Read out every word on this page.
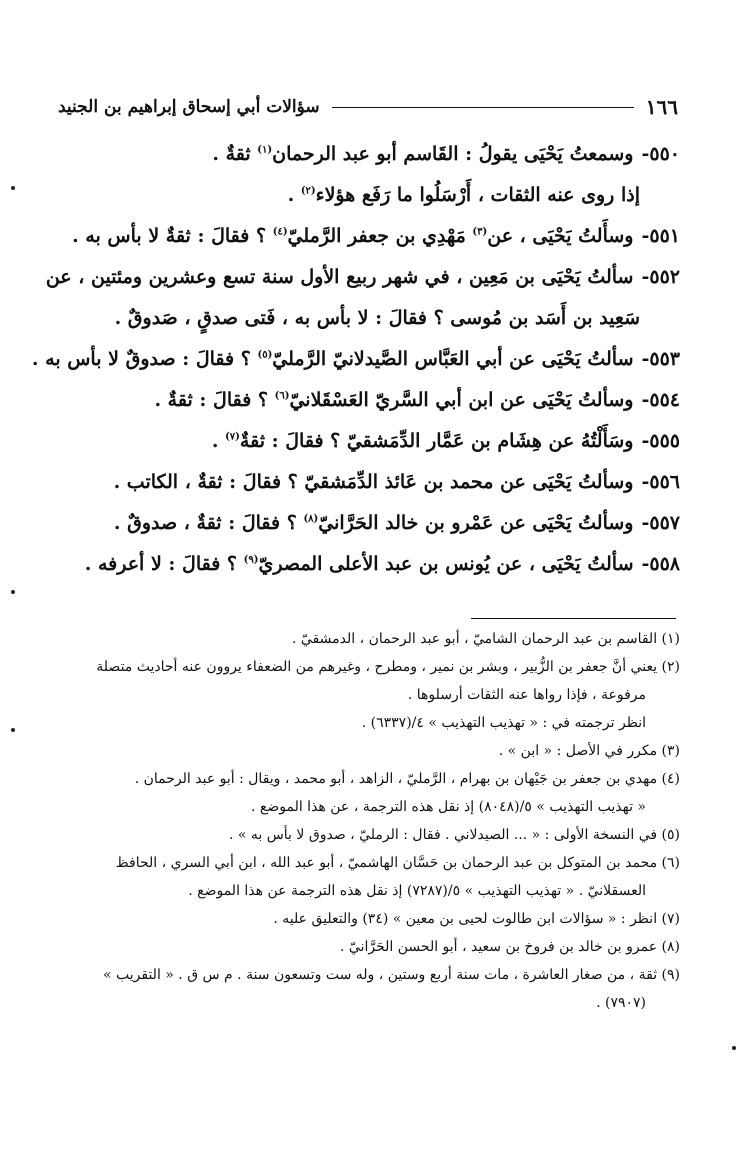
١٦٦
سؤالات أبي إسحاق إبراهيم بن الجنيد
٥٥٠-وسمعتُ يَحْيَى يقولُ : القَاسم أبو عبد الرحمان$^{(١)}$ ثقةٌ .
إذا روى عنه الثقات ، أَرْسَلُوا ما رَفَع هؤلاء$^{(٢)}$ .
٥٥١-وسأَلتُ يَحْيَى ، عن$^{(٣)}$ مَهْدِي بن جعفر الرَّمليّ$^{(٤)}$ ؟ فقالَ : ثقةٌ لا بأس به .
٥٥٢-سألتُ يَحْيَى بن مَعِين ، في شهر ربيع الأول سنة تسع وعشرين ومئتين ، عن
سَعِيد بن أَسَد بن مُوسى ؟ فقالَ : لا بأس به ، فَتى صدقٍ ، صَدوقٌ .
٥٥٣-سألتُ يَحْيَى عن أبي العَبَّاس الصَّيدلانيّ الرَّمليّ$^{(٥)}$ ؟ فقالَ : صدوقٌ لا بأس به .
٥٥٤-وسألتُ يَحْيَى عن ابن أبي السَّريّ العَسْقَلانيّ$^{(٦)}$ ؟ فقالَ : ثقةٌ .
٥٥٥-وسَأَلْتُهُ عن هِشَام بن عَمَّار الدِّمَشقيّ ؟ فقالَ : ثقةٌ$^{(٧)}$ .
٥٥٦-وسألتُ يَحْيَى عن محمد بن عَائذ الدِّمَشقيّ ؟ فقالَ : ثقةٌ ، الكاتب .
٥٥٧-وسألتُ يَحْيَى عن عَمْرو بن خالد الحَرَّانيّ$^{(٨)}$ ؟ فقالَ : ثقةٌ ، صدوقٌ .
٥٥٨-سألتُ يَحْيَى ، عن يُونس بن عبد الأعلى المصريّ$^{(٩)}$ ؟ فقالَ : لا أعرفه .
(١) القاسم بن عبد الرحمان الشاميّ ، أبو عبد الرحمان ، الدمشقيّ .
(٢) يعني أنَّ جعفر بن الزُّبير ، وبشر بن نمير ، ومطرح ، وغيرهم من الضعفاء يروون عنه أحاديث متصلة
مرفوعة ، فإذا رواها عنه الثقات أرسلوها .
انظر ترجمته في : « تهذيب التهذيب » ٤/(٦٣٣٧) .
(٣) مكرر في الأصل : « ابن » .
(٤) مهدي بن جعفر بن جَيْهان بن بهرام ، الرَّمليّ ، الزاهد ، أبو محمد ، ويقال : أبو عبد الرحمان .
« تهذيب التهذيب » ٥/(٨٠٤٨) إذ نقل هذه الترجمة ، عن هذا الموضع .
(٥) في النسخة الأولى : « ... الصيدلاني . فقال : الرمليّ ، صدوق لا بأس به » .
(٦) محمد بن المتوكل بن عبد الرحمان بن حَسَّان الهاشميّ ، أبو عبد الله ، ابن أبي السري ، الحافظ
العسقلانيّ . « تهذيب التهذيب » ٥/(٧٢٨٧) إذ نقل هذه الترجمة عن هذا الموضع .
(٧) انظر : « سؤالات ابن طالوت لحيى بن معين » (٣٤) والتعليق عليه .
(٨) عمرو بن خالد بن فروخ بن سعيد ، أبو الحسن الحَرَّانيّ .
(٩) ثقة ، من صغار العاشرة ، مات سنة أربع وستين ، وله ست وتسعون سنة . م س ق . « التقريب »
(٧٩٠٧) .
